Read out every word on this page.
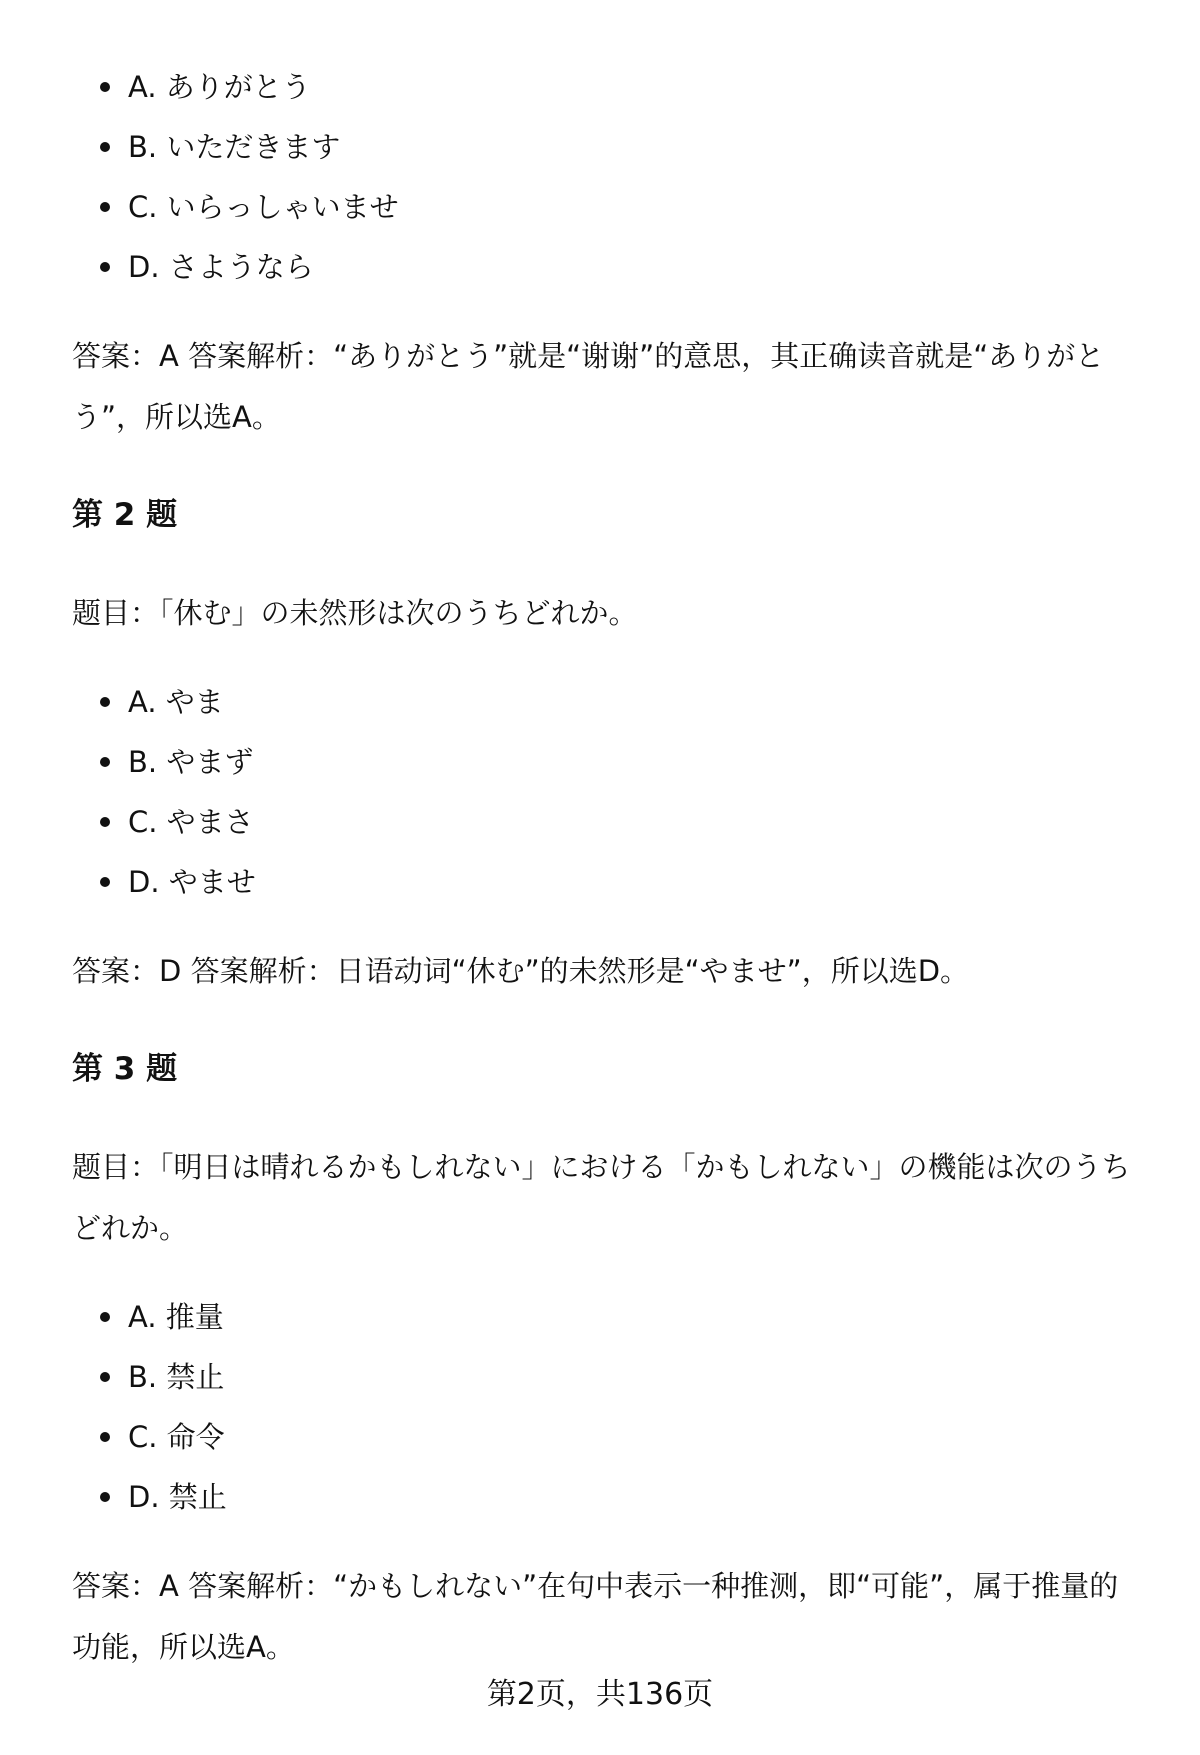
A. ありがとう
B. いただきます
C. いらっしゃいませ
D. さようなら

答案：A 答案解析：“ありがとう”就是“谢谢”的意思，其正确读音就是“ありがとう”，所以选A。

第 2 题

题目：「休む」の未然形は次のうちどれか。

A. やま
B. やまず
C. やまさ
D. やませ

答案：D 答案解析：日语动词“休む”的未然形是“やませ”，所以选D。

第 3 题

题目：「明日は晴れるかもしれない」における「かもしれない」の機能は次のうちどれか。

A. 推量
B. 禁止
C. 命令
D. 禁止

答案：A 答案解析：“かもしれない”在句中表示一种推测，即“可能”，属于推量的功能，所以选A。

第2页，共136页
